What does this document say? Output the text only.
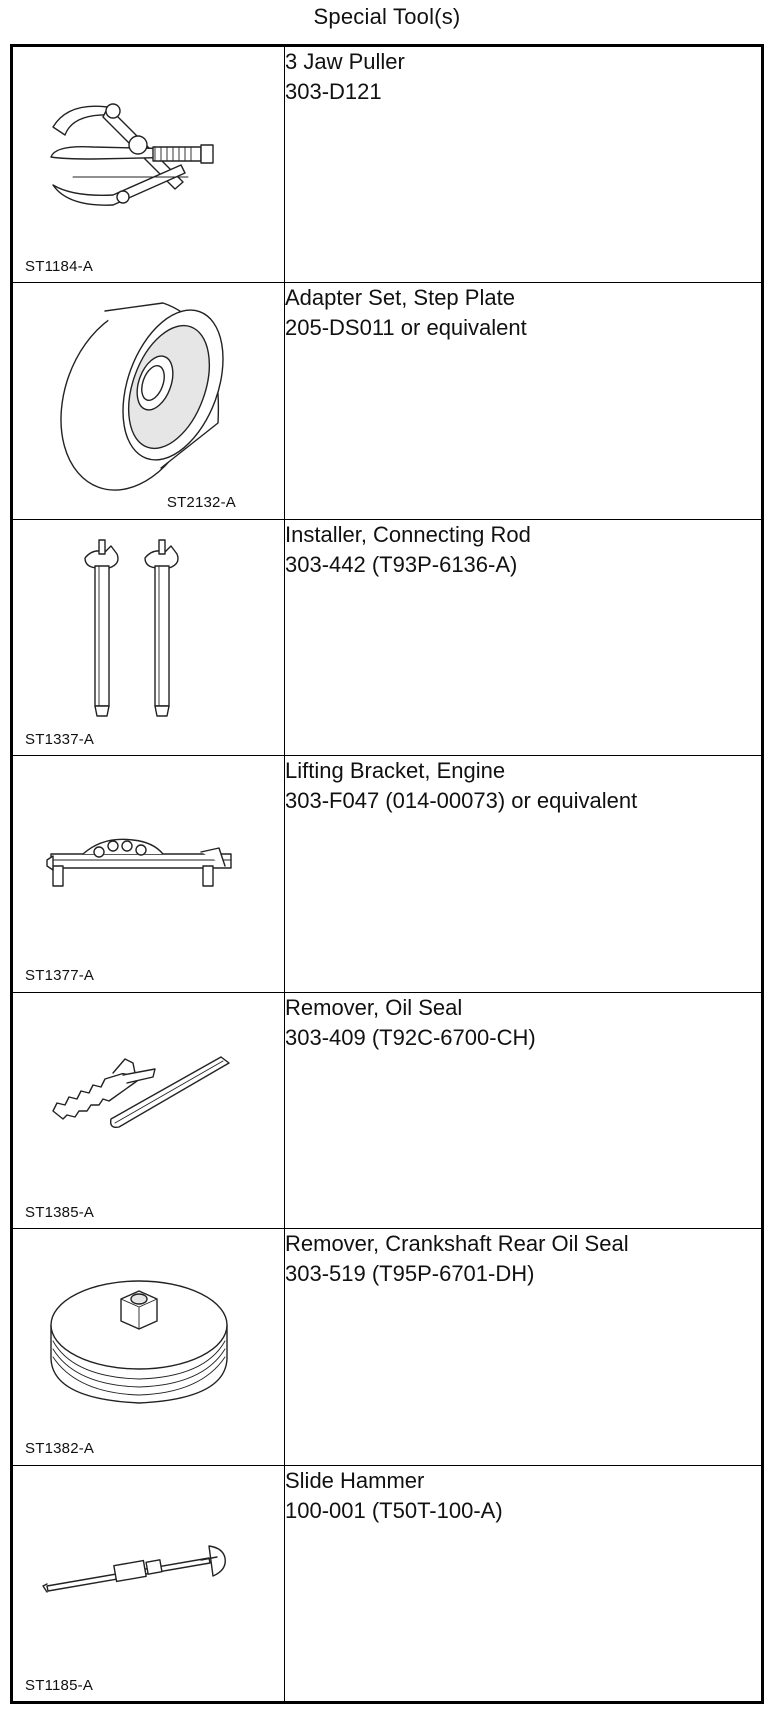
Special Tool(s)
ST1184-A	3 Jaw Puller
303-D121

ST2132-A	Adapter Set, Step Plate
205-DS011 or equivalent

ST1337-A	Installer, Connecting Rod
303-442 (T93P-6136-A)

ST1377-A	Lifting Bracket, Engine
303-F047 (014-00073) or equivalent

ST1385-A	Remover, Oil Seal
303-409 (T92C-6700-CH)

ST1382-A	Remover, Crankshaft Rear Oil Seal
303-519 (T95P-6701-DH)

ST1185-A	Slide Hammer
100-001 (T50T-100-A)
